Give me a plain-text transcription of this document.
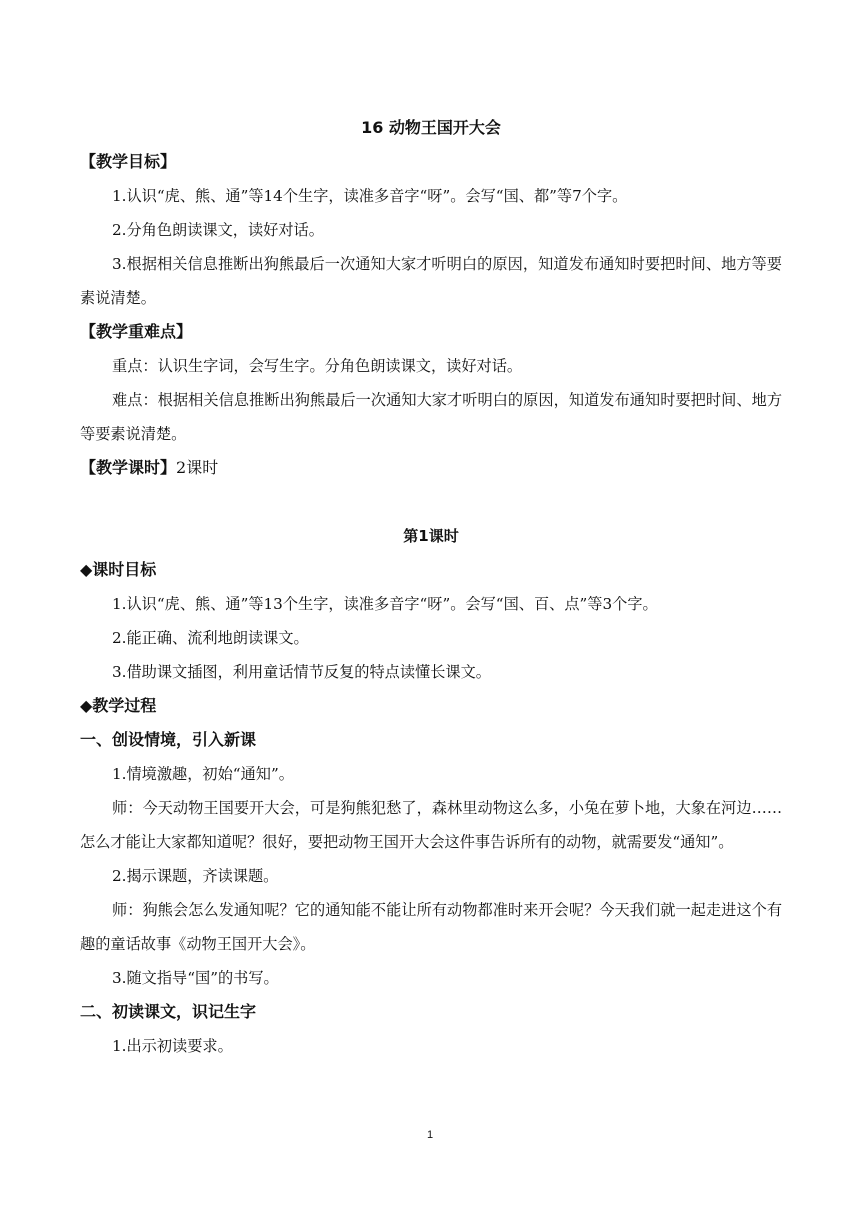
16 动物王国开大会
【教学目标】

1.认识“虎、熊、通”等14个生字，读准多音字“呀”。会写“国、都”等7个字。

2.分角色朗读课文，读好对话。

3.根据相关信息推断出狗熊最后一次通知大家才听明白的原因，知道发布通知时要把时间、地方等要素说清楚。

【教学重难点】

重点：认识生字词，会写生字。分角色朗读课文，读好对话。

难点：根据相关信息推断出狗熊最后一次通知大家才听明白的原因，知道发布通知时要把时间、地方等要素说清楚。

【教学课时】2课时
第1课时
◆课时目标

1.认识“虎、熊、通”等13个生字，读准多音字“呀”。会写“国、百、点”等3个字。

2.能正确、流利地朗读课文。

3.借助课文插图，利用童话情节反复的特点读懂长课文。

◆教学过程
一、创设情境，引入新课

1.情境激趣，初始“通知”。

师：今天动物王国要开大会，可是狗熊犯愁了，森林里动物这么多，小兔在萝卜地，大象在河边……怎么才能让大家都知道呢？很好，要把动物王国开大会这件事告诉所有的动物，就需要发“通知”。

2.揭示课题，齐读课题。

师：狗熊会怎么发通知呢？它的通知能不能让所有动物都准时来开会呢？今天我们就一起走进这个有趣的童话故事《动物王国开大会》。

3.随文指导“国”的书写。

二、初读课文，识记生字

1.出示初读要求。

1
